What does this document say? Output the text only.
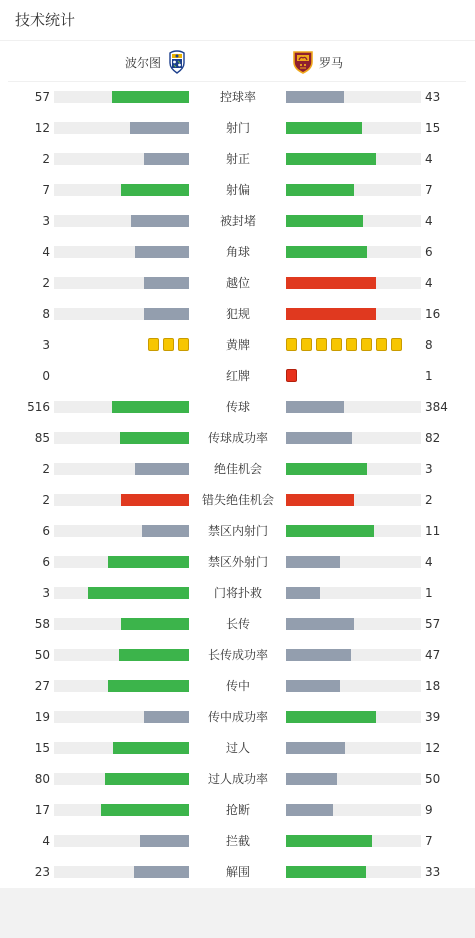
技术统计
波尔图	罗马
57	控球率	43
12	射门	15
2	射正	4
7	射偏	7
3	被封堵	4
4	角球	6
2	越位	4
8	犯规	16
3	黄牌	8
0	红牌	1
516	传球	384
85	传球成功率	82
2	绝佳机会	3
2	错失绝佳机会	2
6	禁区内射门	11
6	禁区外射门	4
3	门将扑救	1
58	长传	57
50	长传成功率	47
27	传中	18
19	传中成功率	39
15	过人	12
80	过人成功率	50
17	抢断	9
4	拦截	7
23	解围	33
